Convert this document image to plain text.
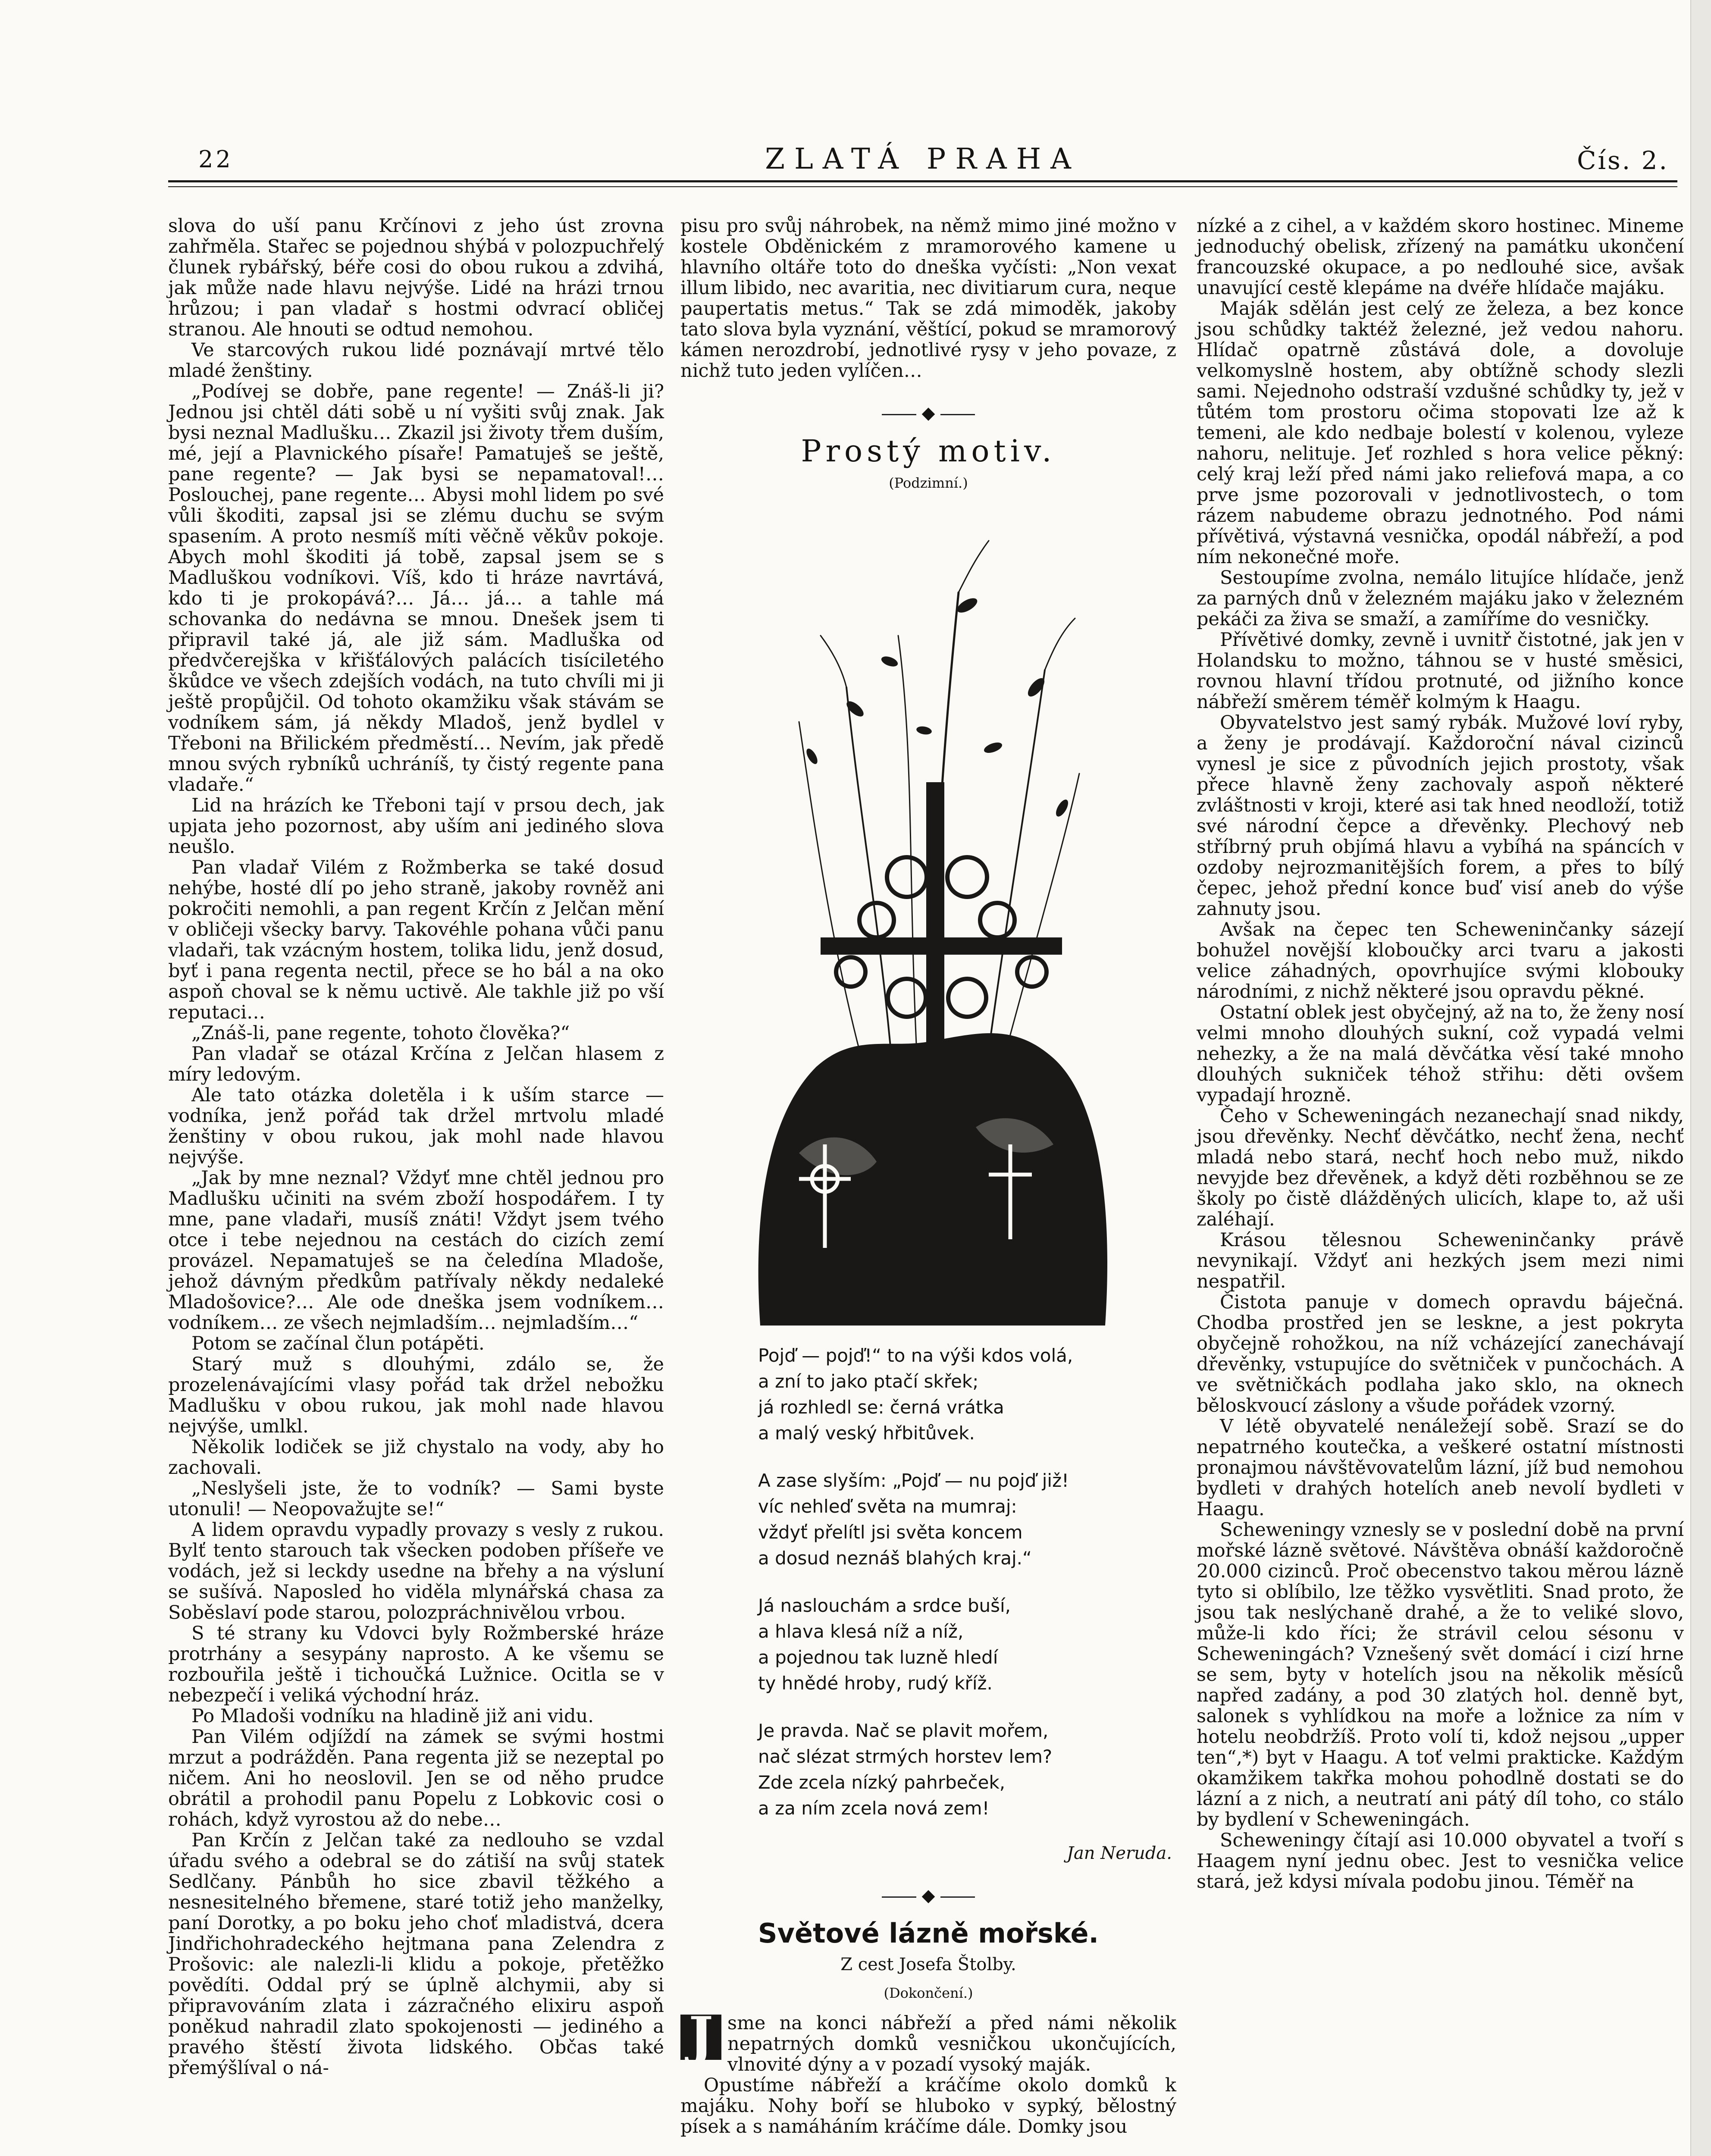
22	ZLATÁ PRAHA	Čís. 2.

slova do uší panu Krčínovi z jeho úst zrovna zahřměla. Stařec se pojednou shýbá v polozpuchřelý člunek rybářský, béře cosi do obou rukou a zdvihá, jak může nade hlavu nejvýše. Lidé na hrázi trnou hrůzou; i pan vladař s hostmi odvrací obličej stranou. Ale hnouti se odtud nemohou.

Ve starcových rukou lidé poznávají mrtvé tělo mladé ženštiny.

„Podívej se dobře, pane regente! — Znáš-li ji? Jednou jsi chtěl dáti sobě u ní vyšiti svůj znak. Jak bysi neznal Madlušku… Zkazil jsi životy třem duším, mé, její a Plavnického písaře! Pamatuješ se ještě, pane regente? — Jak bysi se nepamatoval!… Posloucheј, pane regente… Abysi mohl lidem po své vůli škoditi, zapsal jsi se zlému duchu se svým spasením. A proto nesmíš míti věčně věkův pokoje. Abych mohl škoditi já tobě, zapsal jsem se s Madluškou vodníkovi. Víš, kdo ti hráze navrtává, kdo ti je prokopává?… Já… já… a tahle má schovanka do nedávna se mnou. Dnešek jsem ti připravil také já, ale již sám. Madluška od předvčerejška v křišťálových palácích tisíciletého škůdce ve všech zdejších vodách, na tuto chvíli mi ji ještě propůjčil. Od tohoto okamžiku však stávám se vodníkem sám, já někdy Mladoš, jenž bydlel v Třeboni na Břilickém předměstí… Nevím, jak předě mnou svých rybníků uchráníš, ty čistý regente pana vladaře.“

Lid na hrázích ke Třeboni tají v prsou dech, jak upjata jeho pozornost, aby uším ani jediného slova neušlo.

Pan vladař Vilém z Rožmberka se také dosud nehýbe, hosté dlí po jeho straně, jakoby rovněž ani pokročiti nemohli, a pan regent Krčín z Jelčan mění v obličeji všecky barvy. Takovéhle pohana vůči panu vladaři, tak vzácným hostem, tolika lidu, jenž dosud, byť i pana regenta nectil, přece se ho bál a na oko aspoň choval se k němu uctivě. Ale takhle již po vší reputaci…

„Znáš-li, pane regente, tohoto člověka?“

Pan vladař se otázal Krčína z Jelčan hlasem z míry ledovým.

Ale tato otázka doletěla i k uším starce — vodníka, jenž pořád tak držel mrtvolu mladé ženštiny v obou rukou, jak mohl nade hlavou nejvýše.

„Jak by mne neznal? Vždyť mne chtěl jednou pro Madlušku učiniti na svém zboží hospodářem. I ty mne, pane vladaři, musíš znáti! Vždyt jsem tvého otce i tebe nejednou na cestách do cizích zemí provázel. Nepamatuješ se na čeledína Mladoše, jehož dávným předkům patřívaly někdy nedaleké Mladošovice?… Ale ode dneška jsem vodníkem… vodníkem… ze všech nejmladším… nejmladším…“

Potom se začínal člun potápěti.

Starý muž s dlouhými, zdálo se, že prozelenávajícími vlasy pořád tak držel nebožku Madlušku v obou rukou, jak mohl nade hlavou nejvýše, umlkl.

Několik lodiček se již chystalo na vody, aby ho zachovali.

„Neslyšeli jste, že to vodník? — Sami byste utonuli! — Neopovažujte se!“

A lidem opravdu vypadly provazy s vesly z rukou. Bylť tento starouch tak všecken podoben příšeře ve vodách, jež si leckdy usedne na břehy a na výsluní se sušívá. Naposled ho viděla mlynářská chasa za Soběslaví pode starou, polozpráchnivělou vrbou.

S té strany ku Vdovci byly Rožmberské hráze protrhány a sesypány naprosto. A ke všemu se rozbouřila ještě i tichoučká Lužnice. Ocitla se v nebezpečí i veliká východní hráz.

Po Mladoši vodníku na hladině již ani vidu.

Pan Vilém odjíždí na zámek se svými hostmi mrzut a podrážděn. Pana regenta již se nezeptal po ničem. Ani ho neoslovil. Jen se od něho prudce obrátil a prohodil panu Popelu z Lobkovic cosi o rohách, když vyrostou až do nebe…

Pan Krčín z Jelčan také za nedlouho se vzdal úřadu svého a odebral se do zátiší na svůj statek Sedlčany. Pánbůh ho sice zbavil těžkého a nesnesitelného břemene, staré totiž jeho manželky, paní Dorotky, a po boku jeho choť mladistvá, dcera Jindřichohradeckého hejtmana pana Zelendra z Prošovic: ale nalezli-li klidu a pokoje, přetěžko povědíti. Oddal prý se úplně alchymii, aby si připravováním zlata i zázračného elixiru aspoň poněkud nahradil zlato spokojenosti — jediného a pravého štěstí života lidského. Občas také přemýšlíval o ná-

pisu pro svůj náhrobek, na němž mimo jiné možno v kostele Obděnickém z mramorového kamene u hlavního oltáře toto do dneška vyčísti: „Non vexat illum libido, nec avaritia, nec divitiarum cura, neque paupertatis metus.“ Tak se zdá mimoděk, jakoby tato slova byla vyznání, věštící, pokud se mramorový kámen nerozdrobí, jednotlivé rysy v jeho povaze, z nichž tuto jeden vylíčen…

◆
Prostý motiv.
(Podzimní.)
Pojď — pojď!“ to na výši kdos volá,
a zní to jako ptačí skřek;
já rozhledl se: černá vrátka
a malý veský hřbitůvek.
A zase slyším: „Pojď — nu pojď již!
víc nehleď světa na mumraj:
vždyť přelítl jsi světa koncem
a dosud neznáš blahých kraj.“
Já naslouchám a srdce buší,
a hlava klesá níž a níž,
a pojednou tak luzně hledí
ty hnědé hroby, rudý kříž.
Je pravda. Nač se plavit mořem,
nač slézat strmých horstev lem?
Zde zcela nízký pahrbeček,
a za ním zcela nová zem!
Jan Neruda.
◆
Světové lázně mořské.
Z cest Josefa Štolby.
(Dokončení.)

J sme na konci nábřeží a před námi několik nepatrných domků vesničkou ukončujících, vlnovité dýny a v pozadí vysoký maják.

Opustíme nábřeží a kráčíme okolo domků k majáku. Nohy boří se hluboko v sypký, bělostný písek a s namáháním kráčíme dále. Domky jsou

nízké a z cihel, a v každém skoro hostinec. Mineme jednoduchý obelisk, zřízený na památku ukončení francouzské okupace, a po nedlouhé sice, avšak unavující cestě klepáme na dvéře hlídače majáku.

Maják sdělán jest celý ze železa, a bez konce jsou schůdky taktéž železné, jež vedou nahoru. Hlídač opatrně zůstává dole, a dovoluje velkomyslně hostem, aby obtížně schody slezli sami. Nejednoho odstraší vzdušné schůdky ty, jež v tůtém tom prostoru očima stopovati lze až k temeni, ale kdo nedbaje bolestí v kolenou, vyleze nahoru, nelituje. Jeť rozhled s hora velice pěkný: celý kraj leží před námi jako reliefová mapa, a co prve jsme pozorovali v jednotlivostech, o tom rázem nabudeme obrazu jednotného. Pod námi přívětivá, výstavná vesnička, opodál nábřeží, a pod ním nekonečné moře.

Sestoupíme zvolna, nemálo litujíce hlídače, jenž za parných dnů v železném majáku jako v železném pekáči za živa se smaží, a zamíříme do vesničky.

Přívětivé domky, zevně i uvnitř čistotné, jak jen v Holandsku to možno, táhnou se v husté směsici, rovnou hlavní třídou protnuté, od jižního konce nábřeží směrem téměř kolmým k Haagu.

Obyvatelstvo jest samý rybák. Mužové loví ryby, a ženy je prodávají. Každoroční nával cizinců vynesl je sice z původních jejich prostoty, však přece hlavně ženy zachovaly aspoň některé zvláštnosti v kroji, které asi tak hned neodloží, totiž své národní čepce a dřevěnky. Plechový neb stříbrný pruh objímá hlavu a vybíhá na spáncích v ozdoby nejrozmanitějších forem, a přes to bílý čepec, jehož přední konce buď visí aneb do výše zahnuty jsou.

Avšak na čepec ten Scheweninčanky sázejí bohužel novější kloboučky arci tvaru a jakosti velice záhadných, opovrhujíce svými klobouky národními, z nichž některé jsou opravdu pěkné.

Ostatní oblek jest obyčejný, až na to, že ženy nosí velmi mnoho dlouhých sukní, což vypadá velmi nehezky, a že na malá děvčátka věsí také mnoho dlouhých sukniček téhož střihu: děti ovšem vypadají hrozně.

Čeho v Scheweningách nezanechají snad nikdy, jsou dřevěnky. Nechť děvčátko, nechť žena, nechť mladá nebo stará, nechť hoch nebo muž, nikdo nevyjde bez dřevěnek, a když děti rozběhnou se ze školy po čistě dlážděných ulicích, klape to, až uši zaléhají.

Krásou tělesnou Scheweninčanky právě nevynikají. Vždyť ani hezkých jsem mezi nimi nespatřil.

Čistota panuje v domech opravdu báječná. Chodba prostřed jen se leskne, a jest pokryta obyčejně rohožkou, na níž vcházející zanechávají dřevěnky, vstupujíce do světniček v punčochách. A ve světničkách podlaha jako sklo, na oknech běloskvoucí záslony a všude pořádek vzorný.

V létě obyvatelé nenáležejí sobě. Srazí se do nepatrného koutečka, a veškeré ostatní místnosti pronajmou návštěvovatelům lázní, jíž bud nemohou bydleti v drahých hotelích aneb nevolí bydleti v Haagu.

Scheweningy vznesly se v poslední době na první mořské lázně světové. Návštěva obnáší každoročně 20.000 cizinců. Proč obecenstvo takou měrou lázně tyto si oblíbilo, lze těžko vysvětliti. Snad proto, že jsou tak neslýchaně drahé, a že to veliké slovo, může-li kdo říci; že strávil celou sésonu v Scheweningách? Vznešený svět domácí i cizí hrne se sem, byty v hotelích jsou na několik měsíců napřed zadány, a pod 30 zlatých hol. denně byt, salonek s vyhlídkou na moře a ložnice za ním v hotelu neobdržíš. Proto volí ti, kdož nejsou „upper ten“,*) byt v Haagu. A toť velmi prakticke. Každým okamžikem takřka mohou pohodlně dostati se do lázní a z nich, a neutratí ani pátý díl toho, co stálo by bydlení v Scheweningách.

Scheweningy čítají asi 10.000 obyvatel a tvoří s Haagem nyní jednu obec. Jest to vesnička velice stará, jež kdysi mívala podobu jinou. Téměř na
